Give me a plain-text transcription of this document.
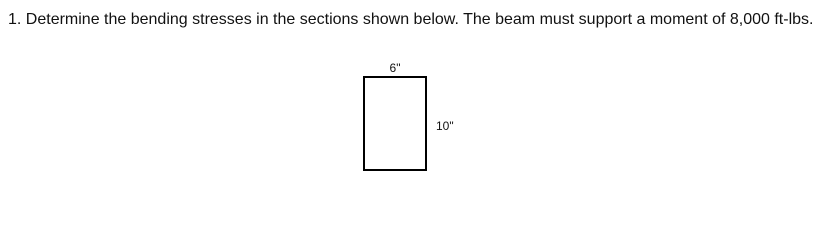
1. Determine the bending stresses in the sections shown below. The beam must support a moment of 8,000 ft-lbs.

6"
10"
